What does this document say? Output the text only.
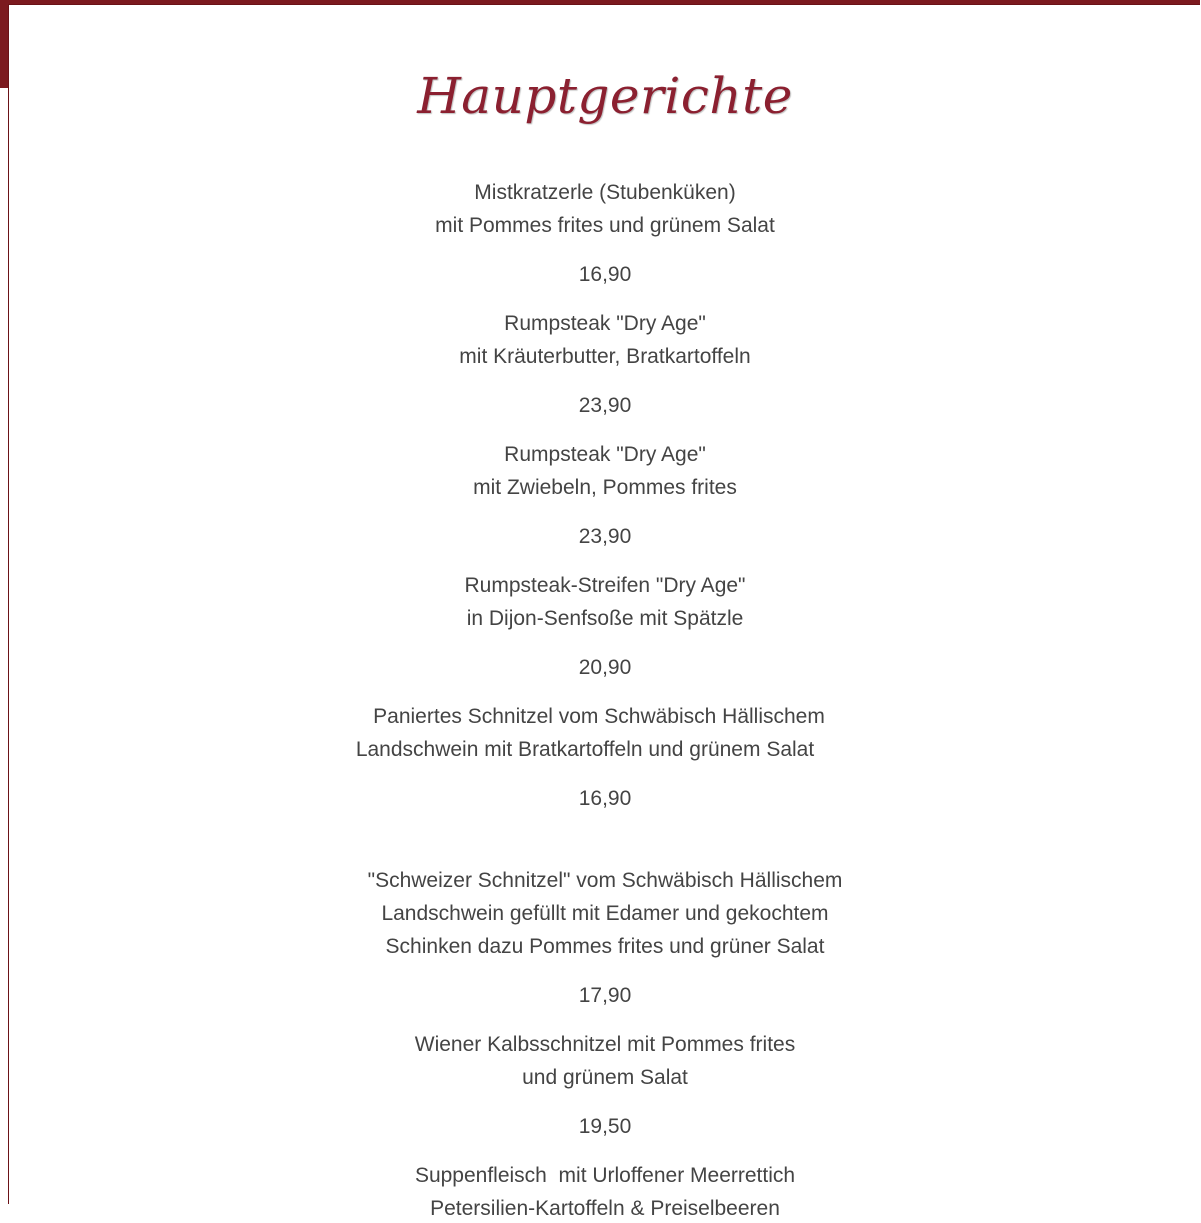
Hauptgerichte
Mistkratzerle (Stubenküken)
mit Pommes frites und grünem Salat
16,90
Rumpsteak "Dry Age"
mit Kräuterbutter, Bratkartoffeln
23,90
Rumpsteak "Dry Age"
mit Zwiebeln, Pommes frites
23,90
Rumpsteak-Streifen "Dry Age"
in Dijon-Senfsoße mit Spätzle
20,90
Paniertes Schnitzel vom Schwäbisch Hällischem
Landschwein mit Bratkartoffeln und grünem Salat
16,90
"Schweizer Schnitzel" vom Schwäbisch Hällischem
Landschwein gefüllt mit Edamer und gekochtem
Schinken dazu Pommes frites und grüner Salat
17,90
Wiener Kalbsschnitzel mit Pommes frites
und grünem Salat
19,50
Suppenfleisch  mit Urloffener Meerrettich
Petersilien-Kartoffeln & Preiselbeeren
